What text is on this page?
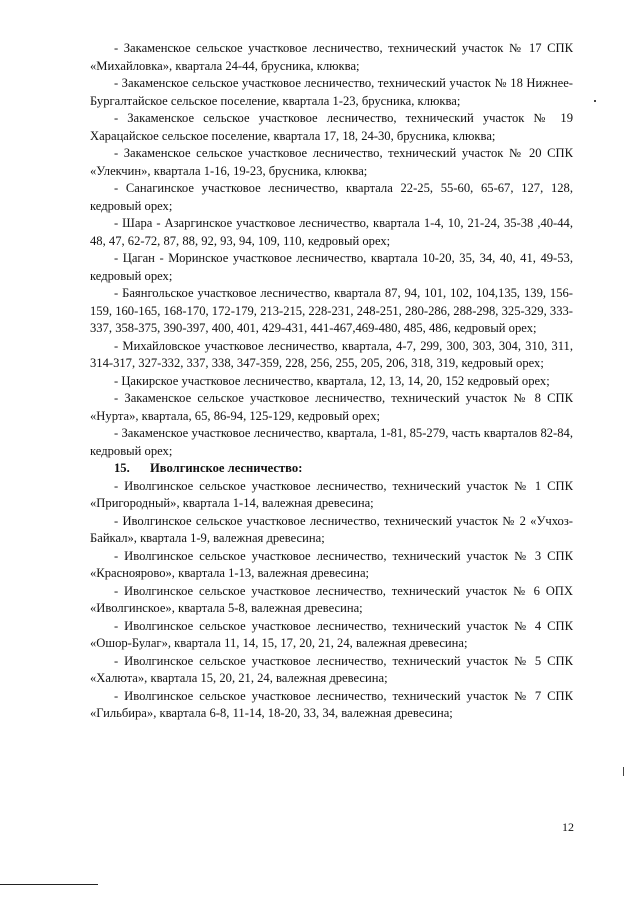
- Закаменское сельское участковое лесничество, технический участок № 17 СПК «Михайловка», квартала 24-44, брусника, клюква;

- Закаменское сельское участковое лесничество, технический участок № 18 Нижнее-Бургалтайское сельское поселение, квартала 1-23, брусника, клюква;

- Закаменское сельское участковое лесничество, технический участок № 19 Харацайское сельское поселение, квартала 17, 18, 24-30, брусника, клюква;

- Закаменское сельское участковое лесничество, технический участок № 20 СПК «Улекчин», квартала 1-16, 19-23, брусника, клюква;

- Санагинское участковое лесничество, квартала 22-25, 55-60, 65-67, 127, 128, кедровый орех;

- Шара - Азаргинское участковое лесничество, квартала 1-4, 10, 21-24, 35-38 ,40-44, 48, 47, 62-72, 87, 88, 92, 93, 94, 109, 110, кедровый орех;

- Цаган - Моринское участковое лесничество, квартала 10-20, 35, 34, 40, 41, 49-53, кедровый орех;

- Баянгольское участковое лесничество, квартала 87, 94, 101, 102, 104,135, 139, 156-159, 160-165, 168-170, 172-179, 213-215, 228-231, 248-251, 280-286, 288-298, 325-329, 333-337, 358-375, 390-397, 400, 401, 429-431, 441-467,469-480, 485, 486, кедровый орех;

- Михайловское участковое лесничество, квартала, 4-7, 299, 300, 303, 304, 310, 311, 314-317, 327-332, 337, 338, 347-359, 228, 256, 255, 205, 206, 318, 319, кедровый орех;

- Цакирское участковое лесничество, квартала, 12, 13, 14, 20, 152 кедровый орех;

- Закаменское сельское участковое лесничество, технический участок № 8 СПК «Нурта», квартала, 65, 86-94, 125-129, кедровый орех;

- Закаменское участковое лесничество, квартала, 1-81, 85-279, часть кварталов 82-84, кедровый орех;

15. Иволгинское лесничество:

- Иволгинское сельское участковое лесничество, технический участок № 1 СПК «Пригородный», квартала 1-14, валежная древесина;

- Иволгинское сельское участковое лесничество, технический участок № 2 «Учхоз-Байкал», квартала 1-9, валежная древесина;

- Иволгинское сельское участковое лесничество, технический участок № 3 СПК «Красноярово», квартала 1-13, валежная древесина;

- Иволгинское сельское участковое лесничество, технический участок № 6 ОПХ «Иволгинское», квартала 5-8, валежная древесина;

- Иволгинское сельское участковое лесничество, технический участок № 4 СПК «Ошор-Булаг», квартала 11, 14, 15, 17, 20, 21, 24, валежная древесина;

- Иволгинское сельское участковое лесничество, технический участок № 5 СПК «Халюта», квартала 15, 20, 21, 24, валежная древесина;

- Иволгинское сельское участковое лесничество, технический участок № 7 СПК «Гильбира», квартала 6-8, 11-14, 18-20, 33, 34, валежная древесина;

12
